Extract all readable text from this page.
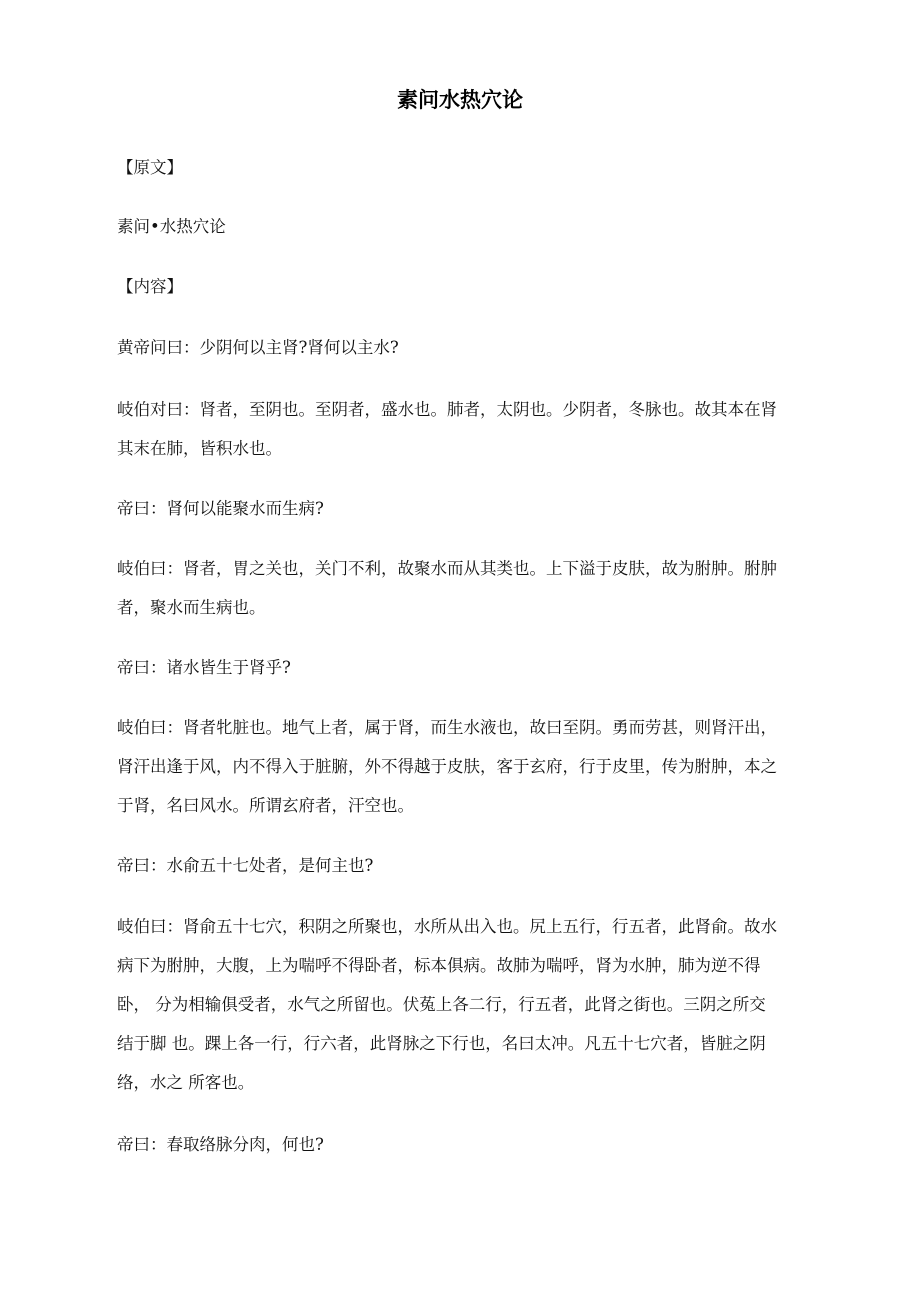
素问水热穴论
【原文】
素问•水热穴论
【内容】
黄帝问曰：少阴何以主肾?肾何以主水?
岐伯对曰：肾者，至阴也。至阴者，盛水也。肺者，太阴也。少阴者，冬脉也。故其本在肾
其末在肺，皆积水也。
帝曰：肾何以能聚水而生病?
岐伯曰：肾者，胃之关也，关门不利，故聚水而从其类也。上下溢于皮肤，故为胕肿。胕肿
者，聚水而生病也。
帝曰：诸水皆生于肾乎?
岐伯曰：肾者牝脏也。地气上者，属于肾，而生水液也，故曰至阴。勇而劳甚，则肾汗出，
肾汗出逢于风，内不得入于脏腑，外不得越于皮肤，客于玄府，行于皮里，传为胕肿，本之
于肾，名曰风水。所谓玄府者，汗空也。
帝曰：水俞五十七处者，是何主也?
岐伯曰：肾俞五十七穴，积阴之所聚也，水所从出入也。尻上五行，行五者，此肾俞。故水
病下为胕肿，大腹，上为喘呼不得卧者，标本俱病。故肺为喘呼，肾为水肿，肺为逆不得
卧， 分为相输俱受者，水气之所留也。伏菟上各二行，行五者，此肾之街也。三阴之所交
结于脚 也。踝上各一行，行六者，此肾脉之下行也，名曰太冲。凡五十七穴者，皆脏之阴
络，水之 所客也。
帝曰：春取络脉分肉，何也?
